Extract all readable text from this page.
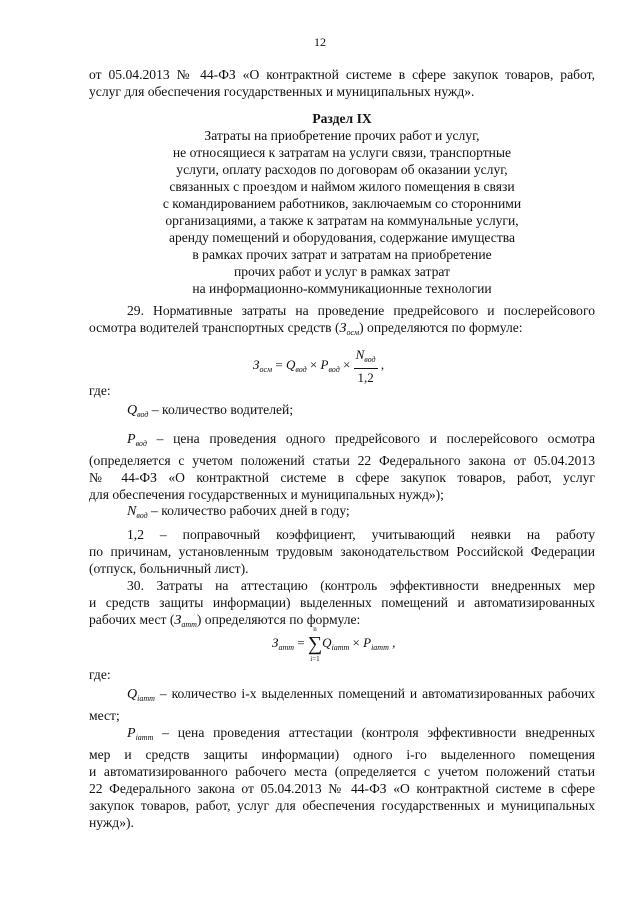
12
от 05.04.2013 № 44-ФЗ «О контрактной системе в сфере закупок товаров, работ,
услуг для обеспечения государственных и муниципальных нужд».
Раздел IX
Затраты на приобретение прочих работ и услуг,
не относящиеся к затратам на услуги связи, транспортные
услуги, оплату расходов по договорам об оказании услуг,
связанных с проездом и наймом жилого помещения в связи
с командированием работников, заключаемым со сторонними
организациями, а также к затратам на коммунальные услуги,
аренду помещений и оборудования, содержание имущества
в рамках прочих затрат и затратам на приобретение
прочих работ и услуг в рамках затрат
на информационно-коммуникационные технологии
29. Нормативные затраты на проведение предрейсового и послерейсового
осмотра водителей транспортных средств $(З_{осм})$ определяются по формуле:
$З_{осм} = Q_{вод} \times P_{вод} \times \frac{N_{вод}}{1,2}$ ,
где:
$Q_{вод}$ – количество водителей;
$P_{вод}$ – цена проведения одного предрейсового и послерейсового осмотра
(определяется с учетом положений статьи 22 Федерального закона от 05.04.2013
№ 44-ФЗ «О контрактной системе в сфере закупок товаров, работ, услуг
для обеспечения государственных и муниципальных нужд»);
$N_{вод}$ – количество рабочих дней в году;
1,2 – поправочный коэффициент, учитывающий неявки на работу
по причинам, установленным трудовым законодательством Российской Федерации
(отпуск, больничный лист).
30. Затраты на аттестацию (контроль эффективности внедренных мер
и средств защиты информации) выделенных помещений и автоматизированных
рабочих мест $(З_{атт})$ определяются по формуле:
$З_{атт}$ =
n
∑
i=1
$Q_{iатт} \times P_{iатт}$ ,
где:
$Q_{iатт}$ – количество i-х выделенных помещений и автоматизированных рабочих
мест;
$P_{iатт}$ – цена проведения аттестации (контроля эффективности внедренных
мер и средств защиты информации) одного i-го выделенного помещения
и автоматизированного рабочего места (определяется с учетом положений статьи
22 Федерального закона от 05.04.2013 № 44-ФЗ «О контрактной системе в сфере
закупок товаров, работ, услуг для обеспечения государственных и муниципальных
нужд»).
